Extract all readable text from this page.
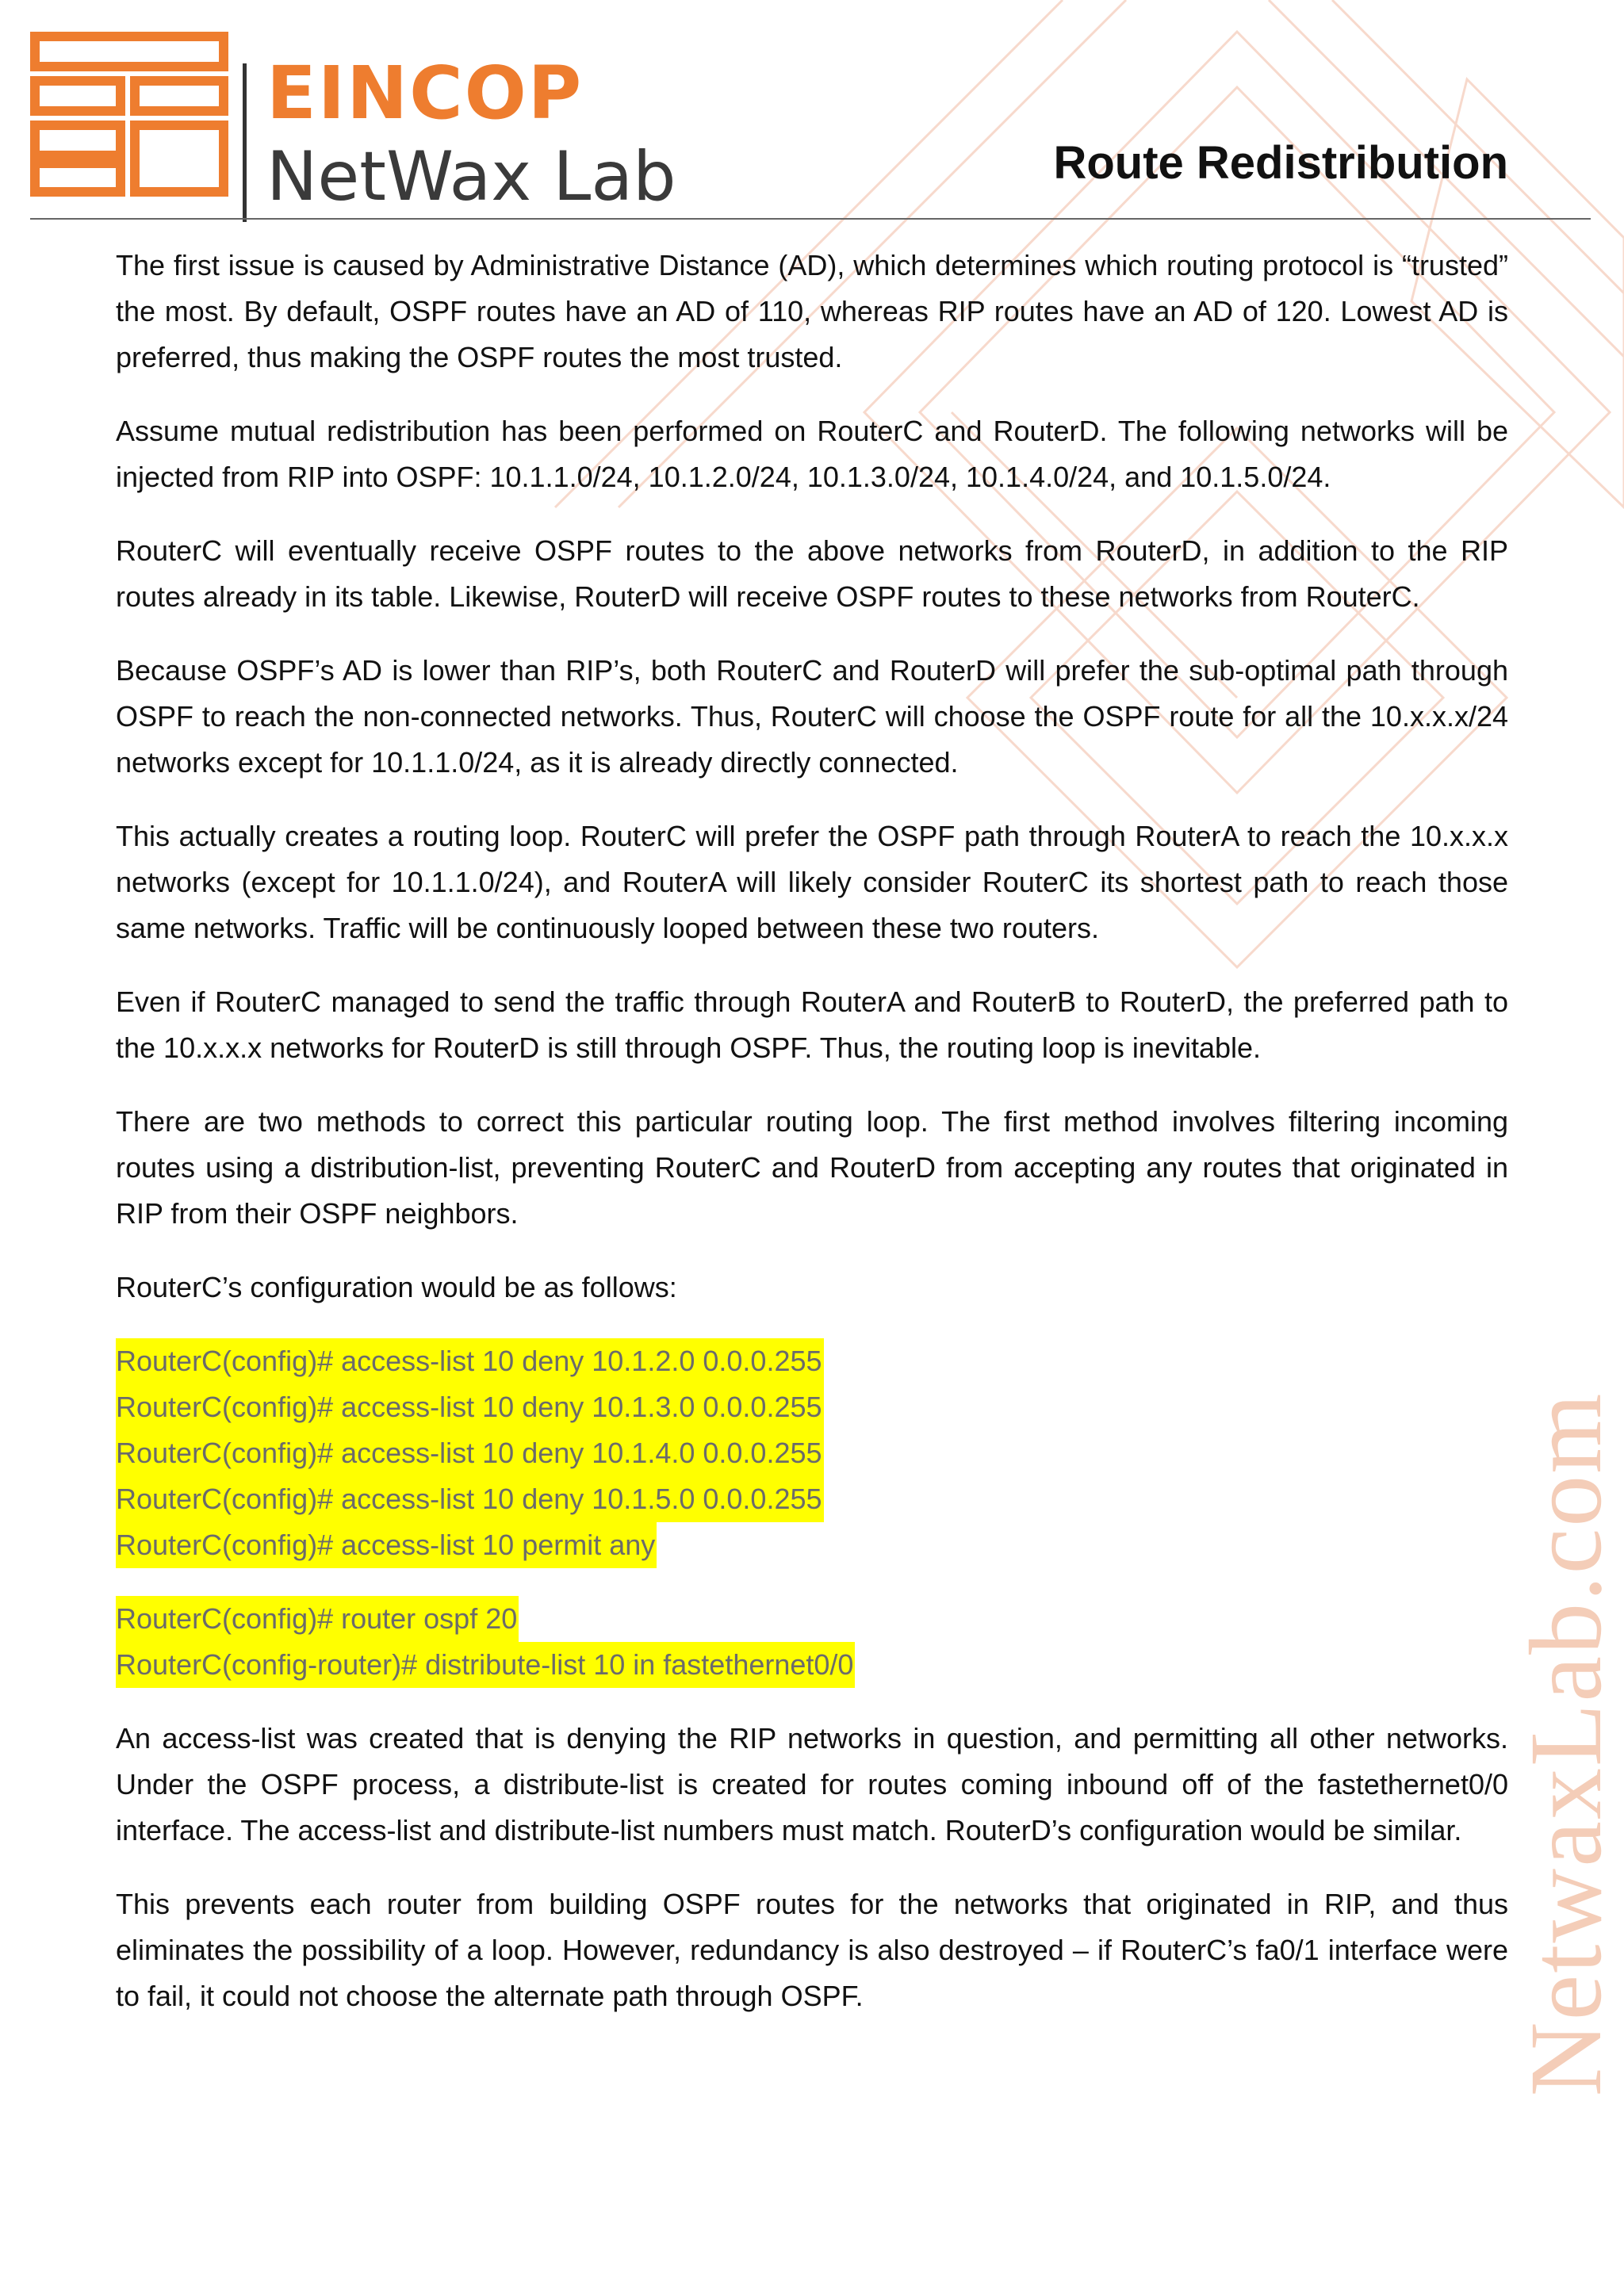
EINCOP
NetWax Lab	Route Redistribution
NetwaxLab.com

The first issue is caused by Administrative Distance (AD), which determines which routing protocol is “trusted” the most. By default, OSPF routes have an AD of 110, whereas RIP routes have an AD of 120. Lowest AD is preferred, thus making the OSPF routes the most trusted.

Assume mutual redistribution has been performed on RouterC and RouterD. The following networks will be injected from RIP into OSPF: 10.1.1.0/24, 10.1.2.0/24, 10.1.3.0/24, 10.1.4.0/24, and 10.1.5.0/24.

RouterC will eventually receive OSPF routes to the above networks from RouterD, in addition to the RIP routes already in its table. Likewise, RouterD will receive OSPF routes to these networks from RouterC.

Because OSPF’s AD is lower than RIP’s, both RouterC and RouterD will prefer the sub-optimal path through OSPF to reach the non-connected networks. Thus, RouterC will choose the OSPF route for all the 10.x.x.x/24 networks except for 10.1.1.0/24, as it is already directly connected.

This actually creates a routing loop. RouterC will prefer the OSPF path through RouterA to reach the 10.x.x.x networks (except for 10.1.1.0/24), and RouterA will likely consider RouterC its shortest path to reach those same networks. Traffic will be continuously looped between these two routers.

Even if RouterC managed to send the traffic through RouterA and RouterB to RouterD, the preferred path to the 10.x.x.x networks for RouterD is still through OSPF. Thus, the routing loop is inevitable.

There are two methods to correct this particular routing loop. The first method involves filtering incoming routes using a distribution-list, preventing RouterC and RouterD from accepting any routes that originated in RIP from their OSPF neighbors.

RouterC’s configuration would be as follows:

RouterC(config)# access-list 10 deny 10.1.2.0 0.0.0.255
RouterC(config)# access-list 10 deny 10.1.3.0 0.0.0.255
RouterC(config)# access-list 10 deny 10.1.4.0 0.0.0.255
RouterC(config)# access-list 10 deny 10.1.5.0 0.0.0.255
RouterC(config)# access-list 10 permit any
RouterC(config)# router ospf 20
RouterC(config-router)# distribute-list 10 in fastethernet0/0

An access-list was created that is denying the RIP networks in question, and permitting all other networks. Under the OSPF process, a distribute-list is created for routes coming inbound off of the fastethernet0/0 interface. The access-list and distribute-list numbers must match. RouterD’s configuration would be similar.

This prevents each router from building OSPF routes for the networks that originated in RIP, and thus eliminates the possibility of a loop. However, redundancy is also destroyed – if RouterC’s fa0/1 interface were to fail, it could not choose the alternate path through OSPF.
